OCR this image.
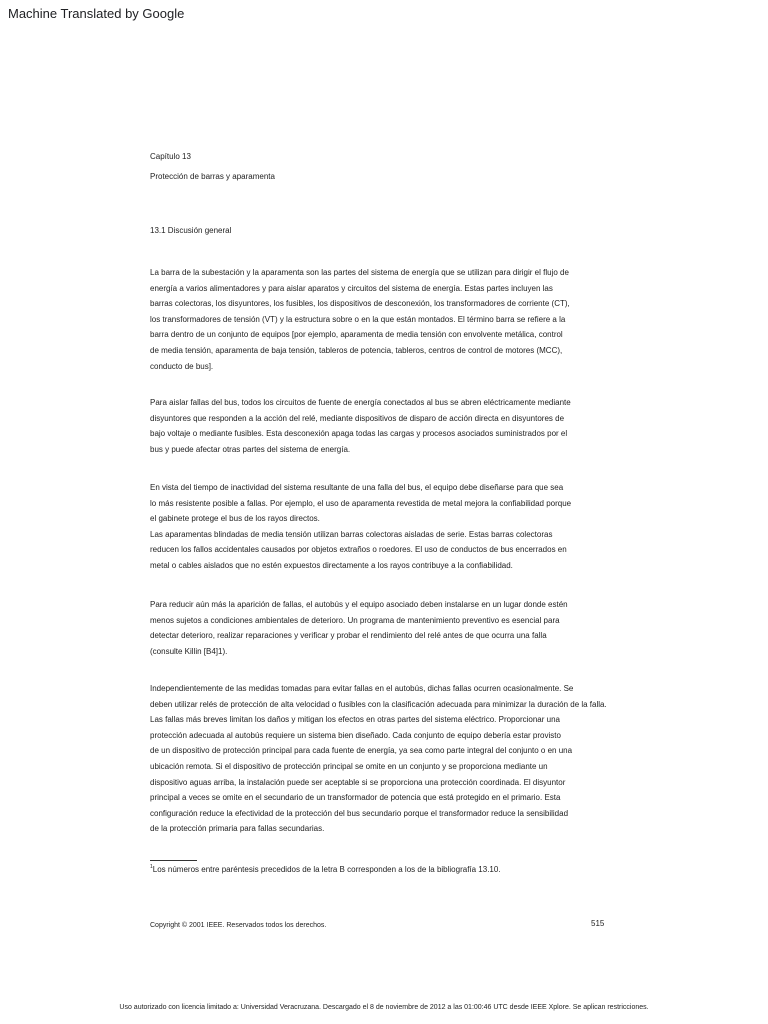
Machine Translated by Google
Capítulo 13
Protección de barras y aparamenta
13.1 Discusión general

La barra de la subestación y la aparamenta son las partes del sistema de energía que se utilizan para dirigir el flujo de

energía a varios alimentadores y para aislar aparatos y circuitos del sistema de energía. Estas partes incluyen las

barras colectoras, los disyuntores, los fusibles, los dispositivos de desconexión, los transformadores de corriente (CT),

los transformadores de tensión (VT) y la estructura sobre o en la que están montados. El término barra se refiere a la

barra dentro de un conjunto de equipos [por ejemplo, aparamenta de media tensión con envolvente metálica, control

de media tensión, aparamenta de baja tensión, tableros de potencia, tableros, centros de control de motores (MCC),

conducto de bus].

Para aislar fallas del bus, todos los circuitos de fuente de energía conectados al bus se abren eléctricamente mediante

disyuntores que responden a la acción del relé, mediante dispositivos de disparo de acción directa en disyuntores de

bajo voltaje o mediante fusibles. Esta desconexión apaga todas las cargas y procesos asociados suministrados por el

bus y puede afectar otras partes del sistema de energía.

En vista del tiempo de inactividad del sistema resultante de una falla del bus, el equipo debe diseñarse para que sea

lo más resistente posible a fallas. Por ejemplo, el uso de aparamenta revestida de metal mejora la confiabilidad porque

el gabinete protege el bus de los rayos directos.

Las aparamentas blindadas de media tensión utilizan barras colectoras aisladas de serie. Estas barras colectoras

reducen los fallos accidentales causados por objetos extraños o roedores. El uso de conductos de bus encerrados en

metal o cables aislados que no estén expuestos directamente a los rayos contribuye a la confiabilidad.

Para reducir aún más la aparición de fallas, el autobús y el equipo asociado deben instalarse en un lugar donde estén

menos sujetos a condiciones ambientales de deterioro. Un programa de mantenimiento preventivo es esencial para

detectar deterioro, realizar reparaciones y verificar y probar el rendimiento del relé antes de que ocurra una falla

(consulte Killin [B4]1).

Independientemente de las medidas tomadas para evitar fallas en el autobús, dichas fallas ocurren ocasionalmente. Se

deben utilizar relés de protección de alta velocidad o fusibles con la clasificación adecuada para minimizar la duración de la falla.

Las fallas más breves limitan los daños y mitigan los efectos en otras partes del sistema eléctrico. Proporcionar una

protección adecuada al autobús requiere un sistema bien diseñado. Cada conjunto de equipo debería estar provisto

de un dispositivo de protección principal para cada fuente de energía, ya sea como parte integral del conjunto o en una

ubicación remota. Si el dispositivo de protección principal se omite en un conjunto y se proporciona mediante un

dispositivo aguas arriba, la instalación puede ser aceptable si se proporciona una protección coordinada. El disyuntor

principal a veces se omite en el secundario de un transformador de potencia que está protegido en el primario. Esta

configuración reduce la efectividad de la protección del bus secundario porque el transformador reduce la sensibilidad

de la protección primaria para fallas secundarias.

$^1$Los números entre paréntesis precedidos de la letra B corresponden a los de la bibliografía 13.10.
Copyright © 2001 IEEE. Reservados todos los derechos.	515
Uso autorizado con licencia limitado a: Universidad Veracruzana. Descargado el 8 de noviembre de 2012 a las 01:00:46 UTC desde IEEE Xplore. Se aplican restricciones.
